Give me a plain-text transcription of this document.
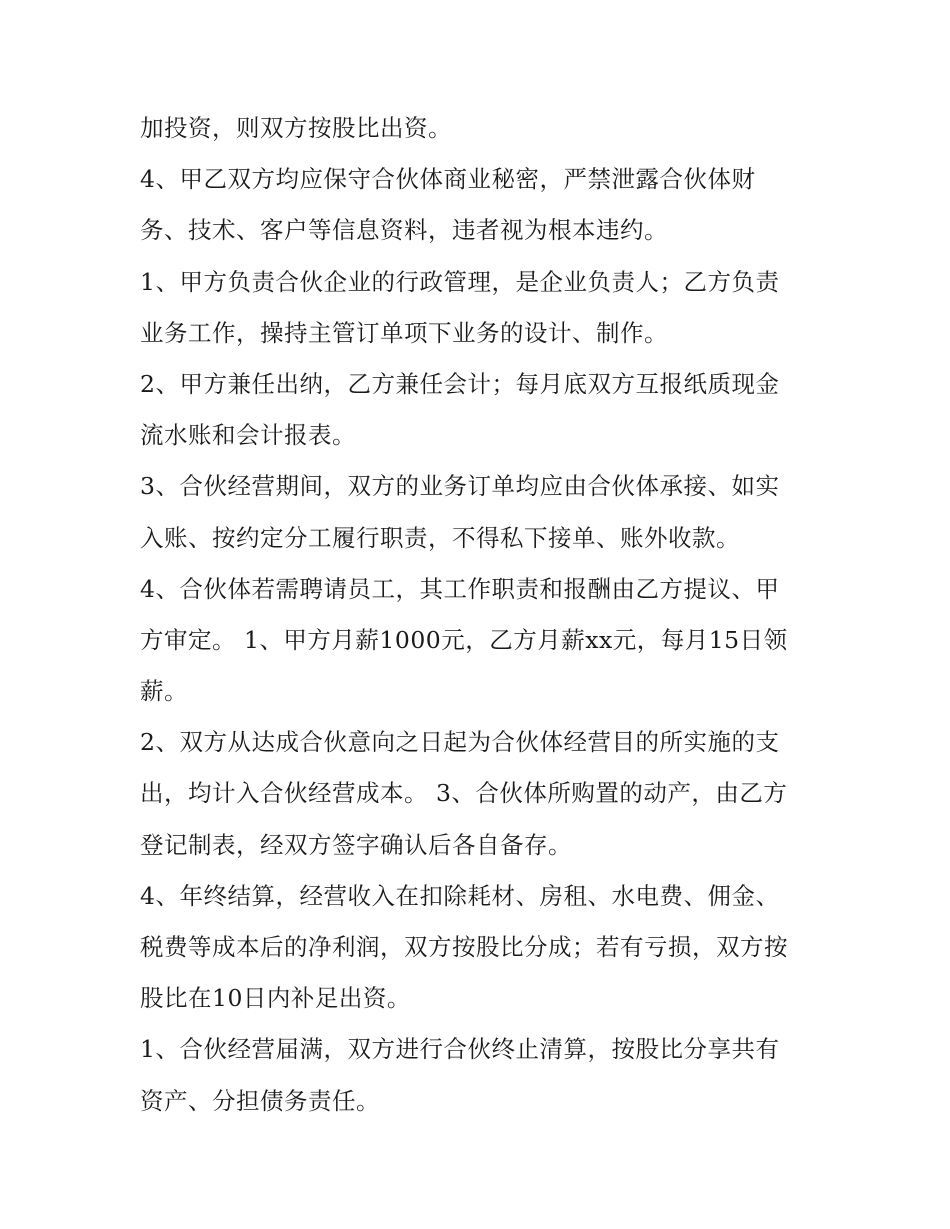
加投资，则双方按股比出资。
4、甲乙双方均应保守合伙体商业秘密，严禁泄露合伙体财
务、技术、客户等信息资料，违者视为根本违约。
1、甲方负责合伙企业的行政管理，是企业负责人；乙方负责
业务工作，操持主管订单项下业务的设计、制作。
2、甲方兼任出纳，乙方兼任会计；每月底双方互报纸质现金
流水账和会计报表。
3、合伙经营期间，双方的业务订单均应由合伙体承接、如实
入账、按约定分工履行职责，不得私下接单、账外收款。
4、合伙体若需聘请员工，其工作职责和报酬由乙方提议、甲
方审定。 1、甲方月薪1000元，乙方月薪xx元，每月15日领
薪。
2、双方从达成合伙意向之日起为合伙体经营目的所实施的支
出，均计入合伙经营成本。 3、合伙体所购置的动产，由乙方
登记制表，经双方签字确认后各自备存。
4、年终结算，经营收入在扣除耗材、房租、水电费、佣金、
税费等成本后的净利润，双方按股比分成；若有亏损，双方按
股比在10日内补足出资。
1、合伙经营届满，双方进行合伙终止清算，按股比分享共有
资产、分担债务责任。
